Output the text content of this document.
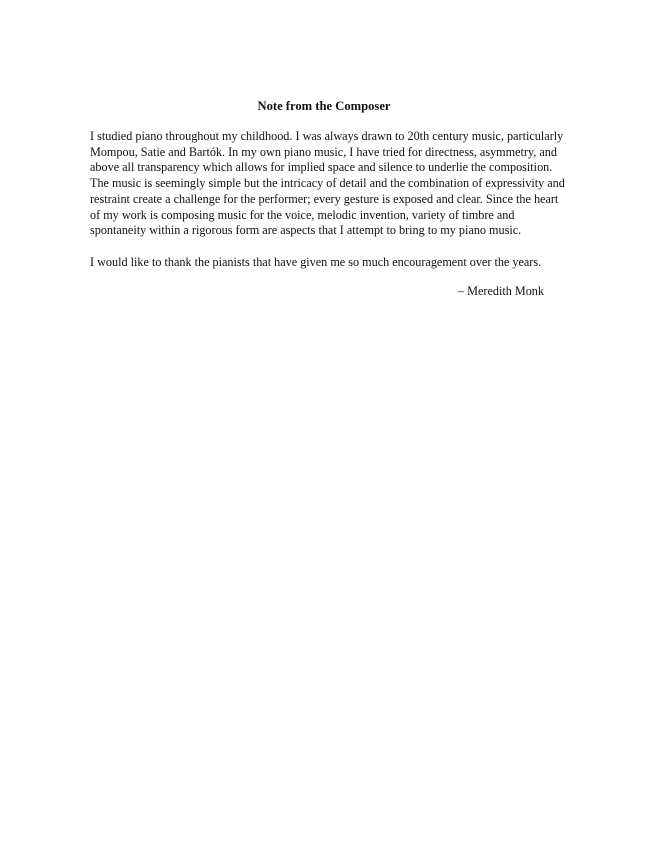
Note from the Composer
I studied piano throughout my childhood. I was always drawn to 20th century music, particularly
Mompou, Satie and Bartók. In my own piano music, I have tried for directness, asymmetry, and
above all transparency which allows for implied space and silence to underlie the composition.
The music is seemingly simple but the intricacy of detail and the combination of expressivity and
restraint create a challenge for the performer; every gesture is exposed and clear. Since the heart
of my work is composing music for the voice, melodic invention, variety of timbre and
spontaneity within a rigorous form are aspects that I attempt to bring to my piano music.
I would like to thank the pianists that have given me so much encouragement over the years.
– Meredith Monk
